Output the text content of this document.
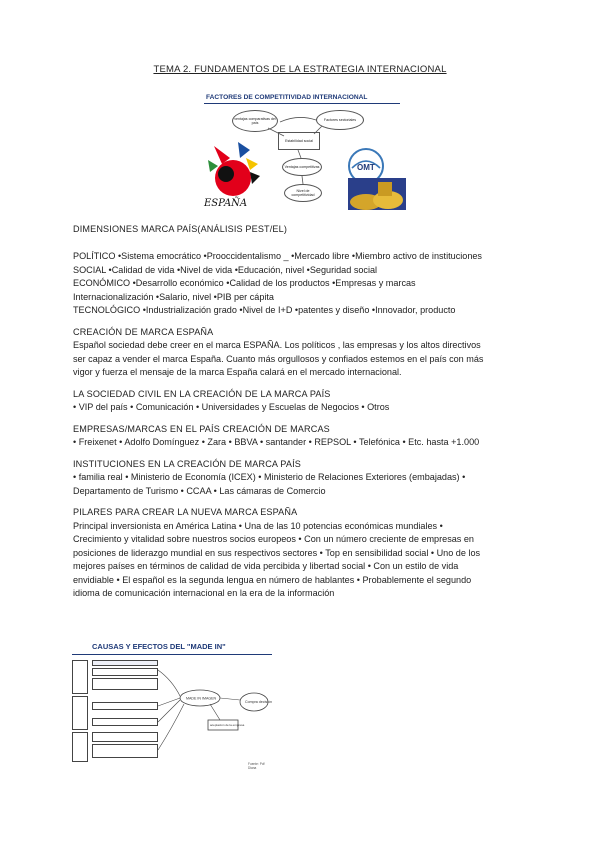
TEMA 2. FUNDAMENTOS DE LA ESTRATEGIA INTERNACIONAL
FACTORES DE COMPETITIVIDAD INTERNACIONAL
ventajas comparativas del país
Factores sectoriales
Estabilidad social
Ventajas competitivas
Nivel de competitividad
ESPAÑA
OMT
DIMENSIONES MARCA PAÍS(ANÁLISIS PEST/EL)
POLÍTICO •Sistema emocrático •Prooccidentalismo _ •Mercado libre •Miembro activo de instituciones
SOCIAL •Calidad de vida •Nivel de vida •Educación, nivel •Seguridad social
ECONÓMICO •Desarrollo económico •Calidad de los productos •Empresas y marcas
Internacionalización •Salario, nivel •PIB per cápita
TECNOLÓGICO •Industrialización grado •Nivel de I+D •patentes y diseño •Innovador, producto
CREACIÓN DE MARCA ESPAÑA
Español sociedad debe creer en el marca ESPAÑA. Los políticos , las empresas y los altos directivos
ser capaz a vender el marca España. Cuanto más orgullosos y confiados estemos en el país con más
vigor y fuerza el mensaje de la marca España calará en el mercado internacional.
LA SOCIEDAD CIVIL EN LA CREACIÓN DE LA MARCA PAÍS
• VIP del país • Comunicación • Universidades y Escuelas de Negocios • Otros
EMPRESAS/MARCAS EN EL PAÍS CREACIÓN DE MARCAS
• Freixenet • Adolfo Domínguez • Zara • BBVA • santander • REPSOL • Telefónica • Etc. hasta +1.000
INSTITUCIONES EN LA CREACIÓN DE MARCA PAÍS
• familia real • Ministerio de Economía (ICEX) • Ministerio de Relaciones Exteriores (embajadas) •
Departamento de Turismo • CCAA • Las cámaras de Comercio
PILARES PARA CREAR LA NUEVA MARCA ESPAÑA
Principal inversionista en América Latina • Una de las 10 potencias económicas mundiales •
Crecimiento y vitalidad sobre nuestros socios europeos • Con un número creciente de empresas en
posiciones de liderazgo mundial en sus respectivos sectores • Top en sensibilidad social • Uno de los
mejores países en términos de calidad de vida percibida y libertad social • Con un estilo de vida
envidiable • El español es la segunda lengua en número de hablantes • Probablemente el segundo
idioma de comunicación internacional en la era de la información
CAUSAS Y EFECTOS DEL "MADE IN"
MADE IN IMAGEN
Compra decisión
aceptación de la empresa
Fuente: Pdf Diana
